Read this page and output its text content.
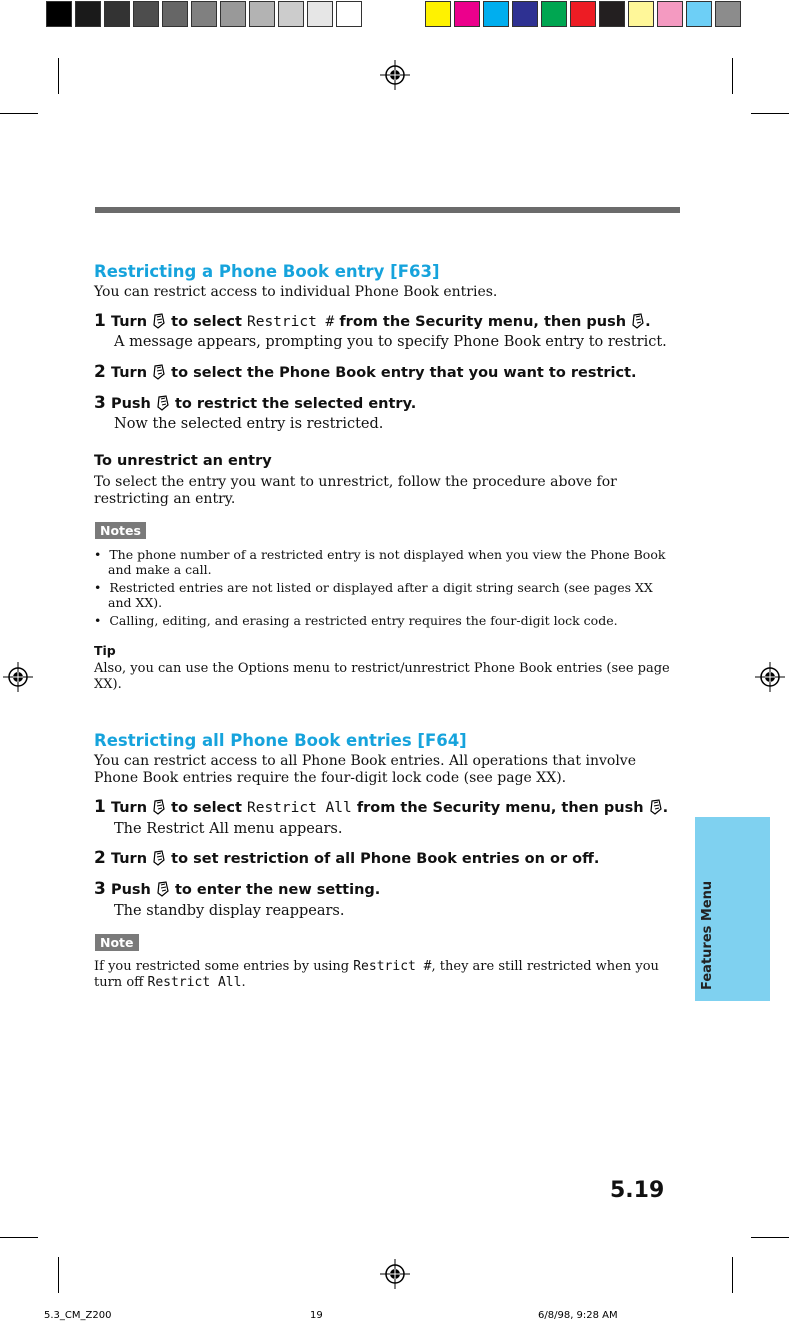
Restricting a Phone Book entry [F63]
You can restrict access to individual Phone Book entries.
1 Turn to select Restrict # from the Security menu, then push .
A message appears, prompting you to specify Phone Book entry to restrict.
2 Turn to select the Phone Book entry that you want to restrict.
3 Push to restrict the selected entry.
Now the selected entry is restricted.
To unrestrict an entry
To select the entry you want to unrestrict, follow the procedure above for restricting an entry.
Notes
•  The phone number of a restricted entry is not displayed when you view the Phone Book and make a call.
•  Restricted entries are not listed or displayed after a digit string search (see pages XX and XX).
•  Calling, editing, and erasing a restricted entry requires the four-digit lock code.
Tip
Also, you can use the Options menu to restrict/unrestrict Phone Book entries (see page XX).
Restricting all Phone Book entries [F64]
You can restrict access to all Phone Book entries. All operations that involve Phone Book entries require the four-digit lock code (see page XX).
1 Turn to select Restrict All from the Security menu, then push .
The Restrict All menu appears.
2 Turn to set restriction of all Phone Book entries on or off.
3 Push to enter the new setting.
The standby display reappears.
Note
If you restricted some entries by using Restrict #, they are still restricted when you turn off Restrict All.	Features Menu
5.19
5.3_CM_Z200	19	6/8/98, 9:28 AM
